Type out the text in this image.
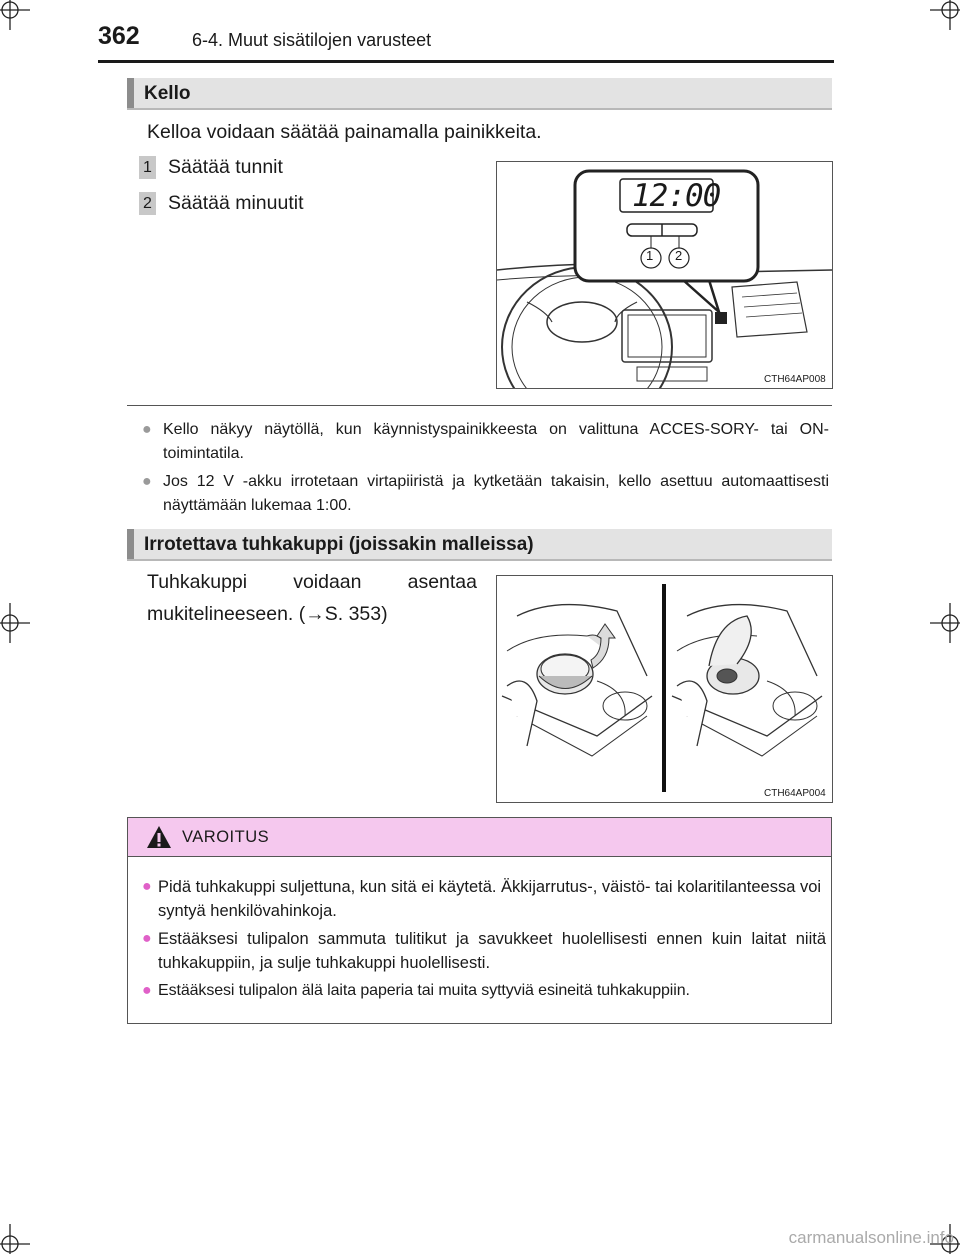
362	6-4. Muut sisätilojen varusteet
Kello
Kelloa voidaan säätää painamalla painikkeita.
1 Säätää tunnit
2 Säätää minuutit	12:00
1 2
CTH64AP008
● Kello näkyy näytöllä, kun käynnistyspainikkeesta on valittuna ACCES-SORY- tai ON-toimintatila.
● Jos 12 V -akku irrotetaan virtapiiristä ja kytketään takaisin, kello asettuu automaattisesti näyttämään lukemaa 1:00.
Irrotettava tuhkakuppi (joissakin malleissa)
Tuhkakuppi voidaan asentaa
mukitelineeseen. (→S. 353)
CTH64AP004
VAROITUS
● Pidä tuhkakuppi suljettuna, kun sitä ei käytetä. Äkkijarrutus-, väistö- tai kolaritilanteessa voi syntyä henkilövahinkoja.
● Estääksesi tulipalon sammuta tulitikut ja savukkeet huolellisesti ennen kuin laitat niitä tuhkakuppiin, ja sulje tuhkakuppi huolellisesti.
● Estääksesi tulipalon älä laita paperia tai muita syttyviä esineitä tuhkakuppiin.
carmanualsonline.info
